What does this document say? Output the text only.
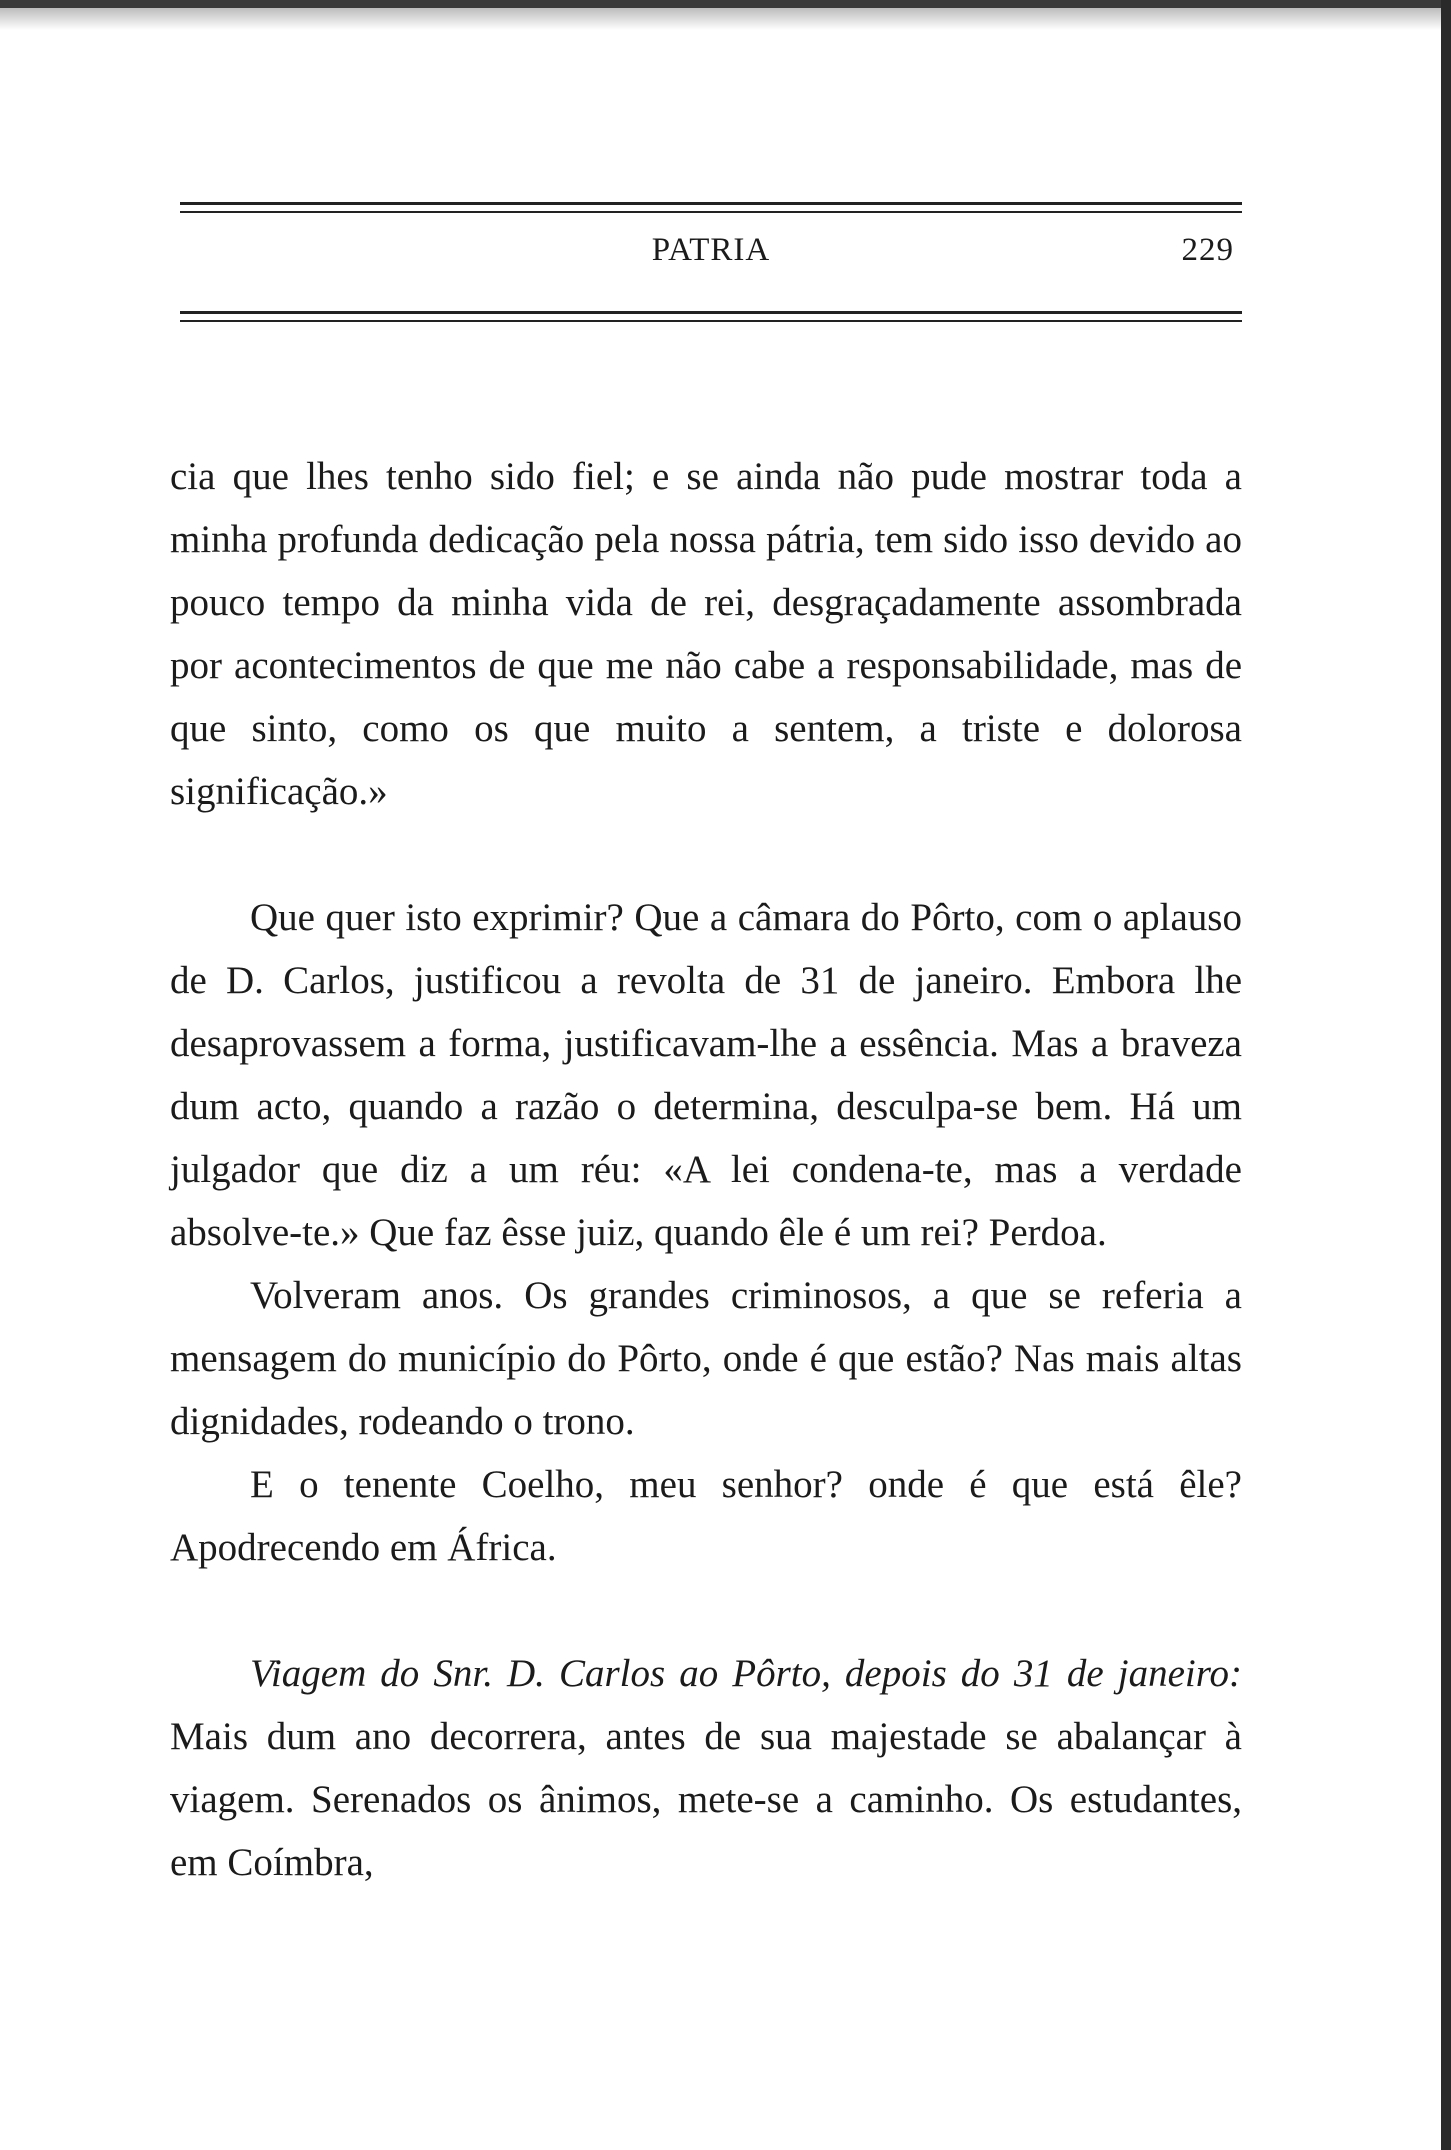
PATRIA	229

cia que lhes tenho sido fiel; e se ainda não pude mostrar toda a minha profunda dedicação pela nossa pátria, tem sido isso devido ao pouco tempo da minha vida de rei, desgraçadamente assombrada por acontecimentos de que me não cabe a responsabilidade, mas de que sinto, como os que muito a sentem, a triste e dolorosa significação.»

Que quer isto exprimir? Que a câmara do Pôrto, com o aplauso de D. Carlos, justificou a revolta de 31 de janeiro. Embora lhe desaprovassem a forma, justificavam-lhe a essência. Mas a braveza dum acto, quando a razão o determina, desculpa-se bem. Há um julgador que diz a um réu: «A lei condena-te, mas a verdade absolve-te.» Que faz êsse juiz, quando êle é um rei? Perdoa.

Volveram anos. Os grandes criminosos, a que se referia a mensagem do município do Pôrto, onde é que estão? Nas mais altas dignidades, rodeando o trono.

E o tenente Coelho, meu senhor? onde é que está êle? Apodrecendo em África.

Viagem do Snr. D. Carlos ao Pôrto, depois do 31 de janeiro: Mais dum ano decorrera, antes de sua majestade se abalançar à viagem. Serenados os ânimos, mete-se a caminho. Os estudantes, em Coímbra,
